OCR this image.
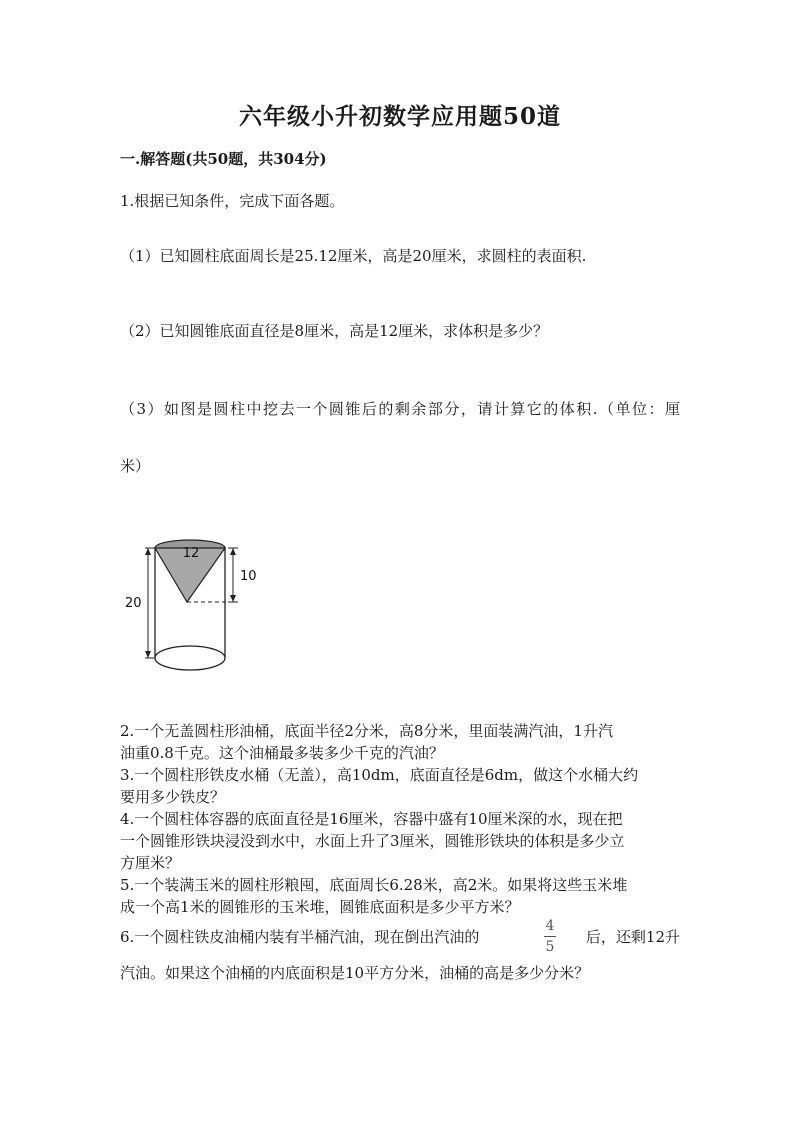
六年级小升初数学应用题50道
一.解答题(共50题，共304分)
1.根据已知条件，完成下面各题。
（1）已知圆柱底面周长是25.12厘米，高是20厘米，求圆柱的表面积.
（2）已知圆锥底面直径是8厘米，高是12厘米，求体积是多少？
（3）如图是圆柱中挖去一个圆锥后的剩余部分，请计算它的体积.（单位：厘
米）
12
20
10
2.一个无盖圆柱形油桶，底面半径2分米，高8分米，里面装满汽油，1升汽
油重0.8千克。这个油桶最多装多少千克的汽油？
3.一个圆柱形铁皮水桶（无盖），高10dm，底面直径是6dm，做这个水桶大约
要用多少铁皮？
4.一个圆柱体容器的底面直径是16厘米，容器中盛有10厘米深的水，现在把
一个圆锥形铁块浸没到水中，水面上升了3厘米，圆锥形铁块的体积是多少立
方厘米？
5.一个装满玉米的圆柱形粮囤，底面周长6.28米，高2米。如果将这些玉米堆
成一个高1米的圆锥形的玉米堆，圆锥底面积是多少平方米？
6.一个圆柱铁皮油桶内装有半桶汽油，现在倒出汽油的	$\frac{4}{5}$ 后，还剩12升
汽油。如果这个油桶的内底面积是10平方分米，油桶的高是多少分米？
